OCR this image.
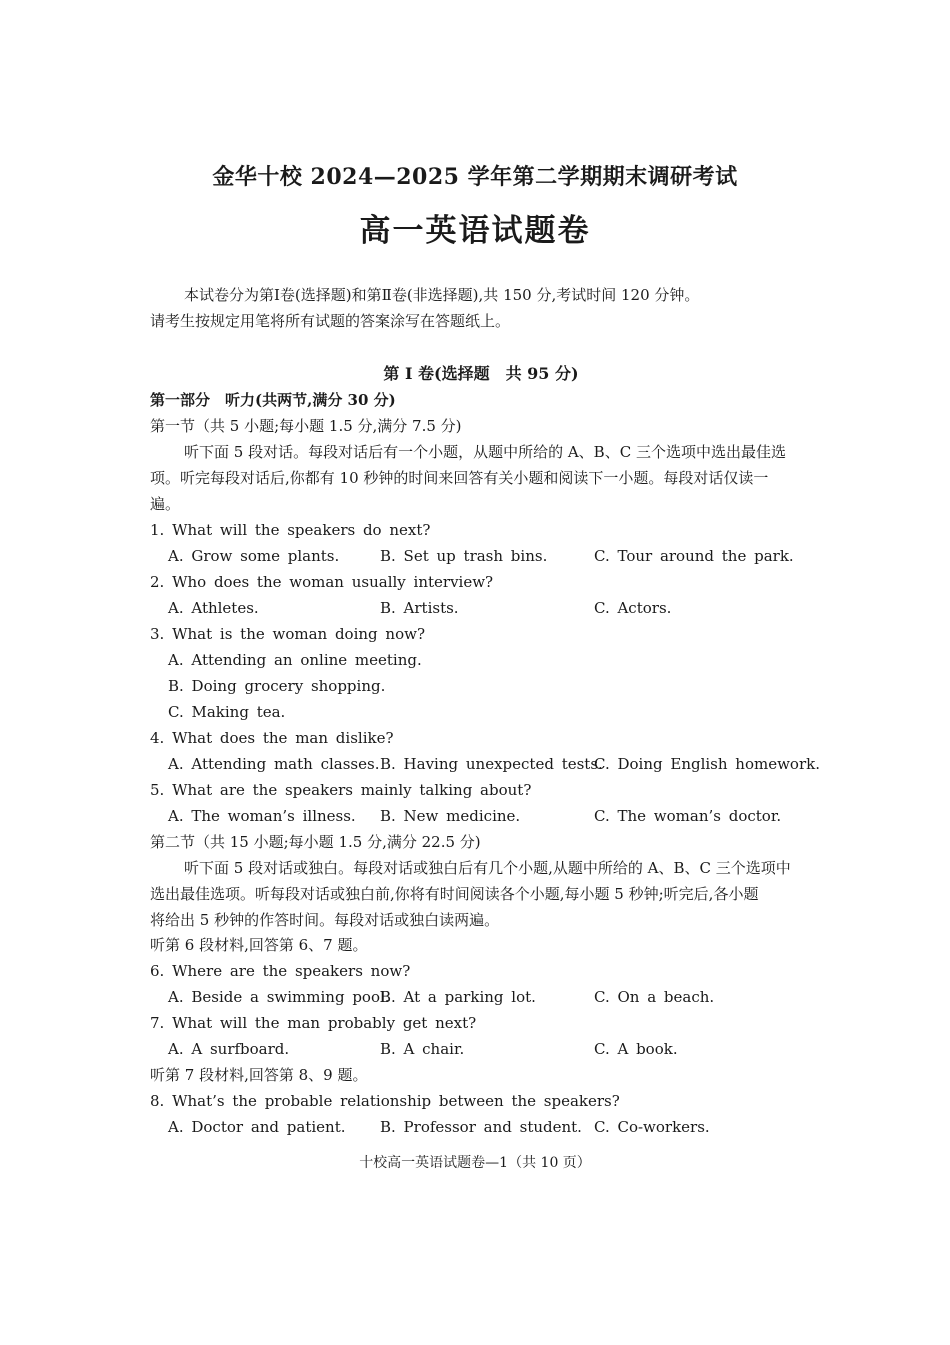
金华十校 2024—2025 学年第二学期期末调研考试
高一英语试题卷
本试卷分为第Ⅰ卷(选择题)和第Ⅱ卷(非选择题),共 150 分,考试时间 120 分钟。
请考生按规定用笔将所有试题的答案涂写在答题纸上。
第 I 卷(选择题　共 95 分)
第一部分　听力(共两节,满分 30 分)
第一节（共 5 小题;每小题 1.5 分,满分 7.5 分)
听下面 5 段对话。每段对话后有一个小题，从题中所给的 A、B、C 三个选项中选出最佳选
项。听完每段对话后,你都有 10 秒钟的时间来回答有关小题和阅读下一小题。每段对话仅读一
遍。
1. What will the speakers do next?
A. Grow some plants.	B. Set up trash bins.	C. Tour around the park.
2. Who does the woman usually interview?
A. Athletes.	B. Artists.	C. Actors.
3. What is the woman doing now?
A. Attending an online meeting.
B. Doing grocery shopping.
C. Making tea.
4. What does the man dislike?
A. Attending math classes. B. Having unexpected tests.
C. Doing English homework.
5. What are the speakers mainly talking about?
A. The woman’s illness. B. New medicine.	C. The woman’s doctor.
第二节（共 15 小题;每小题 1.5 分,满分 22.5 分)
听下面 5 段对话或独白。每段对话或独白后有几个小题,从题中所给的 A、B、C 三个选项中
选出最佳选项。听每段对话或独白前,你将有时间阅读各个小题,每小题 5 秒钟;听完后,各小题
将给出 5 秒钟的作答时间。每段对话或独白读两遍。
听第 6 段材料,回答第 6、7 题。
6. Where are the speakers now?
A. Beside a swimming pool.
B. At a parking lot.	C. On a beach.
7. What will the man probably get next?
A. A surfboard.	B. A chair.	C. A book.
听第 7 段材料,回答第 8、9 题。
8. What’s the probable relationship between the speakers?
A. Doctor and patient. B. Professor and student. C. Co-workers.
十校高一英语试题卷—1（共 10 页）
